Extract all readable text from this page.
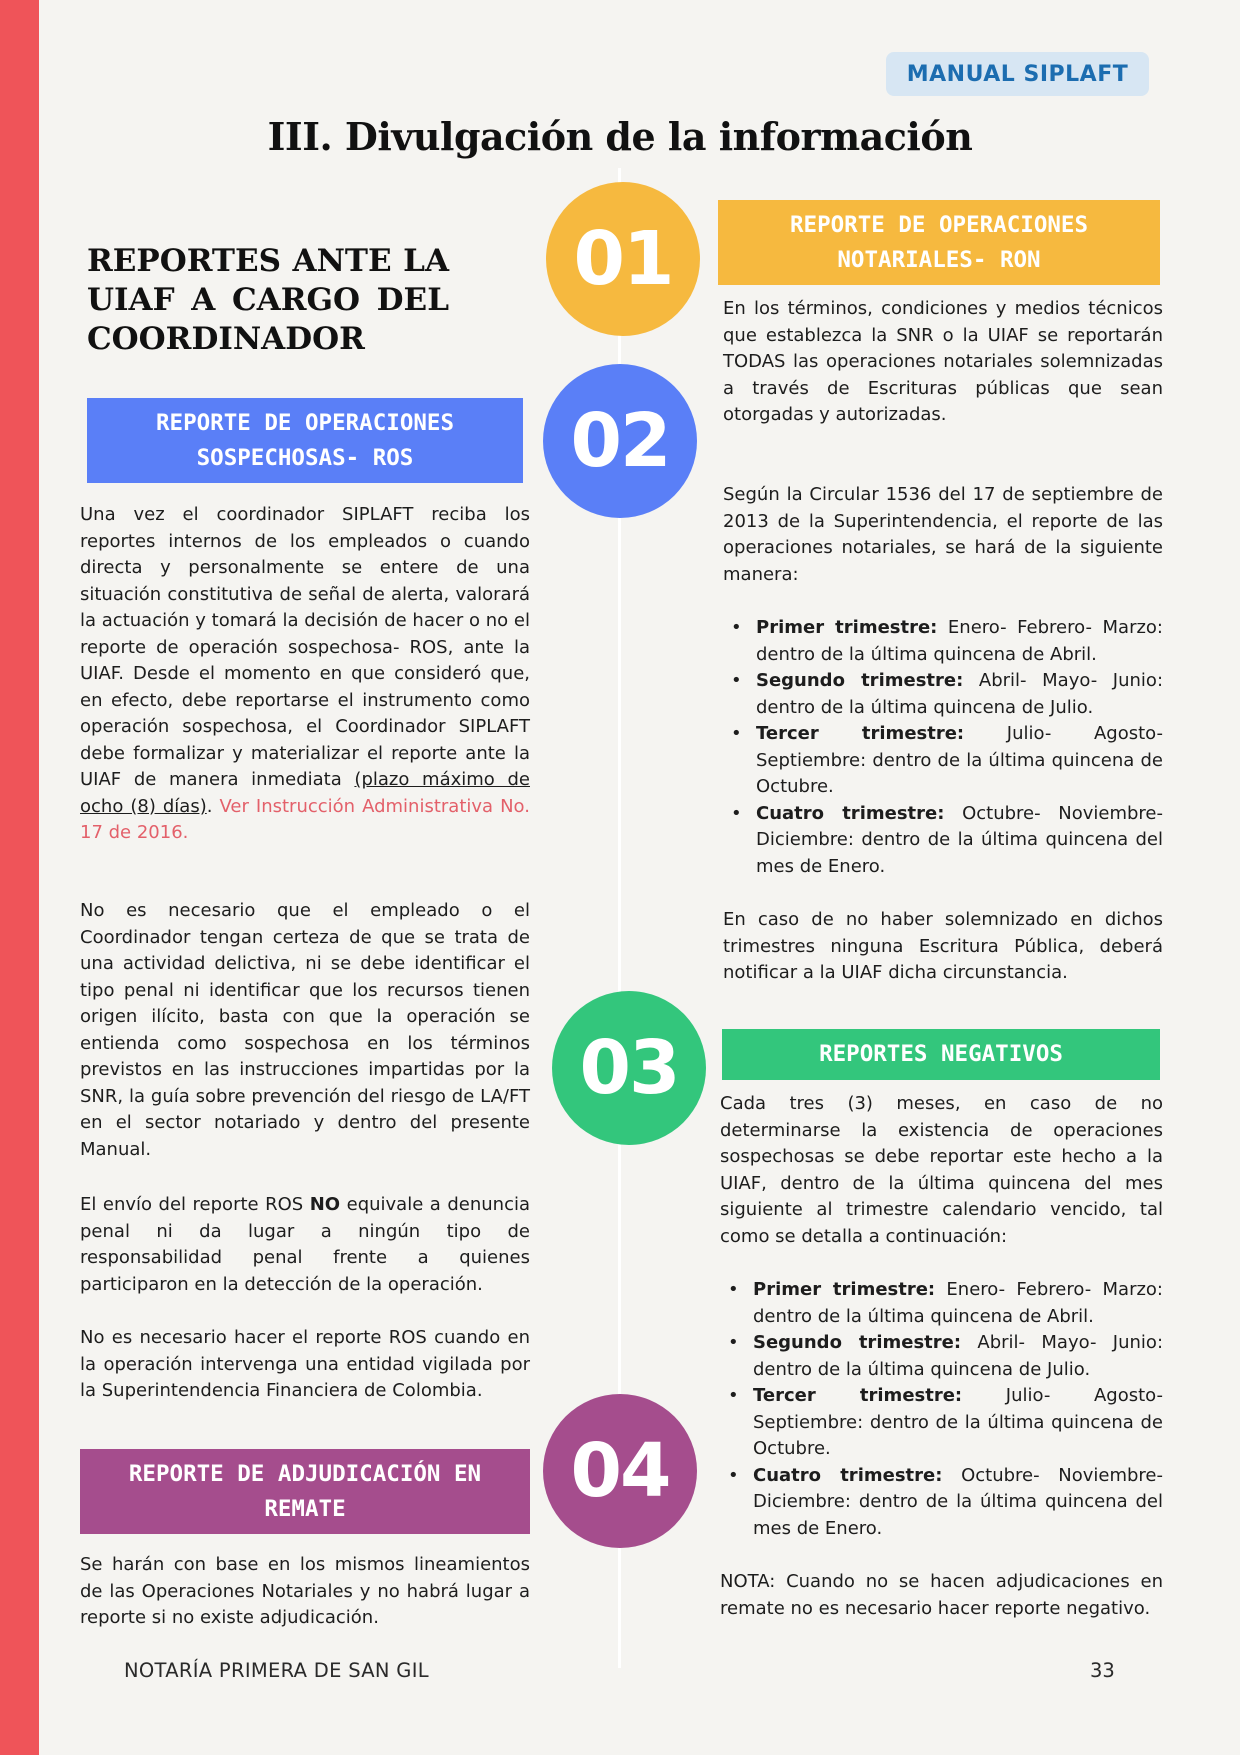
MANUAL SIPLAFT
III. Divulgación de la información
01
02
03
04
REPORTES ANTE LA UIAF A CARGO DEL COORDINADOR
REPORTE DE OPERACIONES
SOSPECHOSAS- ROS

Una vez el coordinador SIPLAFT reciba los reportes internos de los empleados o cuando directa y personalmente se entere de una situación constitutiva de señal de alerta, valorará la actuación y tomará la decisión de hacer o no el reporte de operación sospechosa- ROS, ante la UIAF. Desde el momento en que consideró que, en efecto, debe reportarse el instrumento como operación sospechosa, el Coordinador SIPLAFT debe formalizar y materializar el reporte ante la UIAF de manera inmediata (plazo máximo de ocho (8) días). Ver Instrucción Administrativa No. 17 de 2016.

No es necesario que el empleado o el Coordinador tengan certeza de que se trata de una actividad delictiva, ni se debe identificar el tipo penal ni identificar que los recursos tienen origen ilícito, basta con que la operación se entienda como sospechosa en los términos previstos en las instrucciones impartidas por la SNR, la guía sobre prevención del riesgo de LA/FT en el sector notariado y dentro del presente Manual.

El envío del reporte ROS NO equivale a denuncia penal ni da lugar a ningún tipo de responsabilidad penal frente a quienes participaron en la detección de la operación.

No es necesario hacer el reporte ROS cuando en la operación intervenga una entidad vigilada por la Superintendencia Financiera de Colombia.

REPORTE DE ADJUDICACIÓN EN
REMATE

Se harán con base en los mismos lineamientos de las Operaciones Notariales y no habrá lugar a reporte si no existe adjudicación.

REPORTE DE OPERACIONES
NOTARIALES- RON

En los términos, condiciones y medios técnicos que establezca la SNR o la UIAF se reportarán TODAS las operaciones notariales solemnizadas a través de Escrituras públicas que sean otorgadas y autorizadas.

Según la Circular 1536 del 17 de septiembre de 2013 de la Superintendencia, el reporte de las operaciones notariales, se hará de la siguiente manera:

• Primer trimestre: Enero- Febrero- Marzo: dentro de la última quincena de Abril.
• Segundo trimestre: Abril- Mayo- Junio: dentro de la última quincena de Julio.
• Tercer trimestre: Julio- Agosto- Septiembre: dentro de la última quincena de Octubre.
• Cuatro trimestre: Octubre- Noviembre- Diciembre: dentro de la última quincena del mes de Enero.

En caso de no haber solemnizado en dichos trimestres ninguna Escritura Pública, deberá notificar a la UIAF dicha circunstancia.

REPORTES NEGATIVOS

Cada tres (3) meses, en caso de no determinarse la existencia de operaciones sospechosas se debe reportar este hecho a la UIAF, dentro de la última quincena del mes siguiente al trimestre calendario vencido, tal como se detalla a continuación:

• Primer trimestre: Enero- Febrero- Marzo: dentro de la última quincena de Abril.
• Segundo trimestre: Abril- Mayo- Junio: dentro de la última quincena de Julio.
• Tercer trimestre: Julio- Agosto- Septiembre: dentro de la última quincena de Octubre.
• Cuatro trimestre: Octubre- Noviembre- Diciembre: dentro de la última quincena del mes de Enero.

NOTA: Cuando no se hacen adjudicaciones en remate no es necesario hacer reporte negativo.

NOTARÍA PRIMERA DE SAN GIL	33
